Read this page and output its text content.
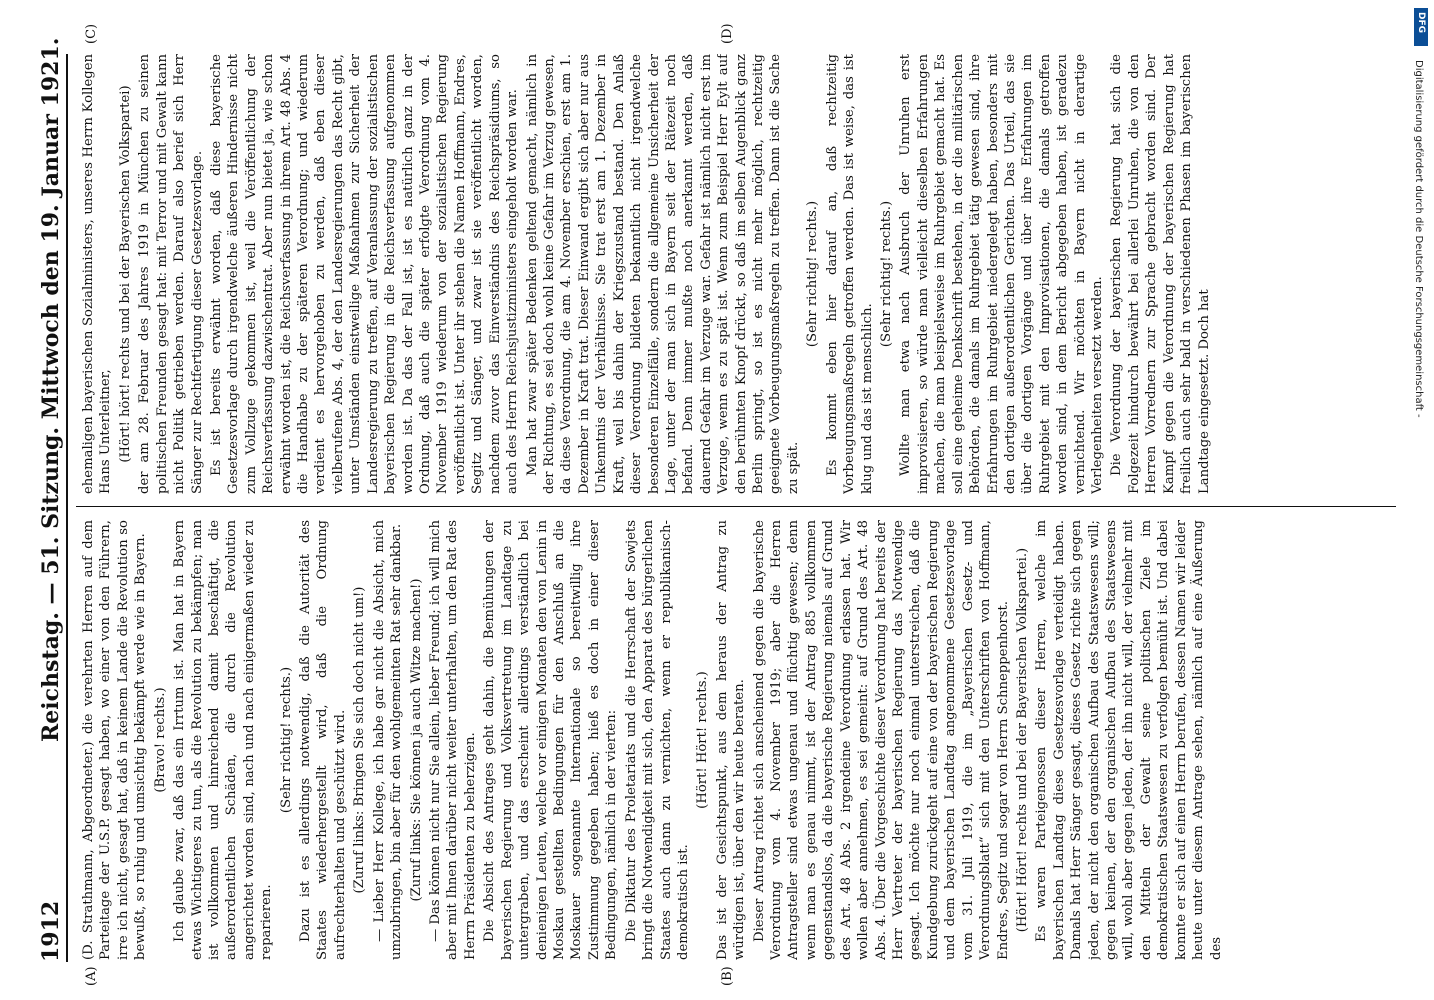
1912
Reichstag. — 51. Sitzung. Mittwoch den 19. Januar 1921.
(A)	(B)
(C)	(D)

(D. Strathmann, Abgeordneter.) die verehrten Herren auf dem Parteitage der U.S.P. gesagt haben, wo einer von den Führern, irre ich nicht, gesagt hat, daß in keinem Lande die Revolution so bewußt, so ruhig und umsichtig bekämpft werde wie in Bayern. (Bravo! rechts.) Ich glaube zwar, daß das ein Irrtum ist. Man hat in Bayern etwas Wichtigeres zu tun, als die Revolution zu bekämpfen; man ist vollkommen und hinreichend damit beschäftigt, die außerordentlichen Schäden, die durch die Revolution angerichtet worden sind, nach und nach einigermaßen wieder zu reparieren.

(Sehr richtig! rechts.) Dazu ist es allerdings notwendig, daß die Autorität des Staates wiederhergestellt wird, daß die Ordnung aufrechterhalten und geschützt wird. (Zuruf links: Bringen Sie sich doch nicht um!) — Lieber Herr Kollege, ich habe gar nicht die Absicht, mich umzubringen, bin aber für den wohlgemeinten Rat sehr dankbar. (Zuruf links: Sie können ja auch Witze machen!) — Das können nicht nur Sie allein, lieber Freund; ich will mich aber mit Ihnen darüber nicht weiter unterhalten, um den Rat des Herrn Präsidenten zu beherzigen. Die Absicht des Antrages geht dahin, die Bemühungen der bayerischen Regierung und Volksvertretung im Landtage zu untergraben, und das erscheint allerdings verständlich bei denienigen Leuten, welche vor einigen Monaten den von Lenin in Moskau gestellten Bedingungen für den Anschluß an die Moskauer sogenannte Internationale so bereitwillig ihre Zustimmung gegeben haben; hieß es doch in einer dieser Bedingungen, nämlich in der vierten: Die Diktatur des Proletariats und die Herrschaft der Sowjets bringt die Notwendigkeit mit sich, den Apparat des bürgerlichen Staates auch dann zu vernichten, wenn er republikanisch-demokratisch ist.

(Hört! Hört! rechts.) Das ist der Gesichtspunkt, aus dem heraus der Antrag zu würdigen ist, über den wir heute beraten. Dieser Antrag richtet sich anscheinend gegen die bayerische Verordnung vom 4. November 1919; aber die Herren Antragsteller sind etwas ungenau und flüchtig gewesen; denn wenn man es genau nimmt, ist der Antrag 885 vollkommen gegenstandslos, da die bayerische Regierung niemals auf Grund des Art. 48 Abs. 2 irgendeine Verordnung erlassen hat. Wir wollen aber annehmen, es sei gemeint: auf Grund des Art. 48 Abs. 4. Über die Vorgeschichte dieser Verordnung hat bereits der Herr Vertreter der bayerischen Regierung das Notwendige gesagt. Ich möchte nur noch einmal unterstreichen, daß die Kundgebung zurückgeht auf eine von der bayerischen Regierung und dem bayerischen Landtag angenommene Gesetzesvorlage vom 31. Juli 1919, die im „Bayerischen Gesetz- und Verordnungsblatt“ sich mit den Unterschriften von Hoffmann, Endres, Segitz und sogar von Herrn Schneppenhorst. (Hört! Hört! rechts und bei der Bayerischen Volkspartei.) Es waren Parteigenossen dieser Herren, welche im bayerischen Landtag diese Gesetzesvorlage verteidigt haben. Damals hat Herr Sänger gesagt, dieses Gesetz richte sich gegen jeden, der nicht den organischen Aufbau des Staatswesens will; gegen keinen, der den organischen Aufbau des Staatswesens will, wohl aber gegen jeden, der ihn nicht will, der vielmehr mit den Mitteln der Gewalt seine politischen Ziele im demokratischen Staatswesen zu verfolgen bemüht ist. Und dabei konnte er sich auf einen Herrn berufen, dessen Namen wir leider heute unter diesem Antrage sehen, nämlich auf eine Äußerung des

ehemaligen bayerischen Sozialministers, unseres Herrn Kollegen Hans Unterleitner, (Hört! hört! rechts und bei der Bayerischen Volkspartei) der am 28. Februar des Jahres 1919 in München zu seinen politischen Freunden gesagt hat: mit Terror und mit Gewalt kann nicht Politik getrieben werden. Darauf also berief sich Herr Sänger zur Rechtfertigung dieser Gesetzesvorlage. Es ist bereits erwähnt worden, daß diese bayerische Gesetzesvorlage durch irgendwelche äußeren Hindernisse nicht zum Vollzuge gekommen ist, weil die Veröffentlichung der Reichsverfassung dazwischentrat. Aber nun bietet ja, wie schon erwähnt worden ist, die Reichsverfassung in ihrem Art. 48 Abs. 4 die Handhabe zu der späteren Verordnung; und wiederum verdient es hervorgehoben zu werden, daß eben dieser vielberufene Abs. 4, der den Landesregierungen das Recht gibt, unter Umständen einstweilige Maßnahmen zur Sicherheit der Landesregierung zu treffen, auf Veranlassung der sozialistischen bayerischen Regierung in die Reichsverfassung aufgenommen worden ist. Da das der Fall ist, ist es natürlich ganz in der Ordnung, daß auch die später erfolgte Verordnung vom 4. November 1919 wiederum von der sozialistischen Regierung veröffentlicht ist. Unter ihr stehen die Namen Hoffmann, Endres, Segitz und Sänger, und zwar ist sie veröffentlicht worden, nachdem zuvor das Einverständnis des Reichspräsidiums, so auch des Herrn Reichsjustizministers eingeholt worden war. Man hat zwar später Bedenken geltend gemacht, nämlich in der Richtung, es sei doch wohl keine Gefahr im Verzug gewesen, da diese Verordnung, die am 4. November erschien, erst am 1. Dezember in Kraft trat. Dieser Einwand ergibt sich aber nur aus Unkenntnis der Verhältnisse. Sie trat erst am 1. Dezember in Kraft, weil bis dahin der Kriegszustand bestand. Den Anlaß dieser Verordnung bildeten bekanntlich nicht irgendwelche besonderen Einzelfälle, sondern die allgemeine Unsicherheit der Lage, unter der man sich in Bayern seit der Rätezeit noch befand. Denn immer mußte noch anerkannt werden, daß dauernd Gefahr im Verzuge war. Gefahr ist nämlich nicht erst im Verzuge, wenn es zu spät ist. Wenn zum Beispiel Herr Eylt auf den berühmten Knopf drückt, so daß im selben Augenblick ganz Berlin springt, so ist es nicht mehr möglich, rechtzeitig geeignete Vorbeugungsmaßregeln zu treffen. Dann ist die Sache zu spät.

(Sehr richtig! rechts.) Es kommt eben hier darauf an, daß rechtzeitig Vorbeugungsmaßregeln getroffen werden. Das ist weise, das ist klug und das ist menschlich.

(Sehr richtig! rechts.) Wollte man etwa nach Ausbruch der Unruhen erst improvisieren, so würde man vielleicht dieselben Erfahrungen machen, die man beispielsweise im Ruhrgebiet gemacht hat. Es soll eine geheime Denkschrift bestehen, in der die militärischen Behörden, die damals im Ruhrgebiet tätig gewesen sind, ihre Erfahrungen im Ruhrgebiet niedergelegt haben, besonders mit den dortigen außerordentlichen Gerichten. Das Urteil, das sie über die dortigen Vorgänge und über ihre Erfahrungen im Ruhrgebiet mit den Improvisationen, die damals getroffen worden sind, in dem Bericht abgegeben haben, ist geradezu vernichtend. Wir möchten in Bayern nicht in derartige Verlegenheiten versetzt werden. Die Verordnung der bayerischen Regierung hat sich die Folgezeit hindurch bewährt bei allerlei Unruhen, die von den Herren Vorrednern zur Sprache gebracht worden sind. Der Kampf gegen die Verordnung der bayerischen Regierung hat freilich auch sehr bald in verschiedenen Phasen im bayerischen Landtage eingesetzt. Doch hat

DFG
Digitalisierung gefördert durch die Deutsche Forschungsgemeinschaft -
